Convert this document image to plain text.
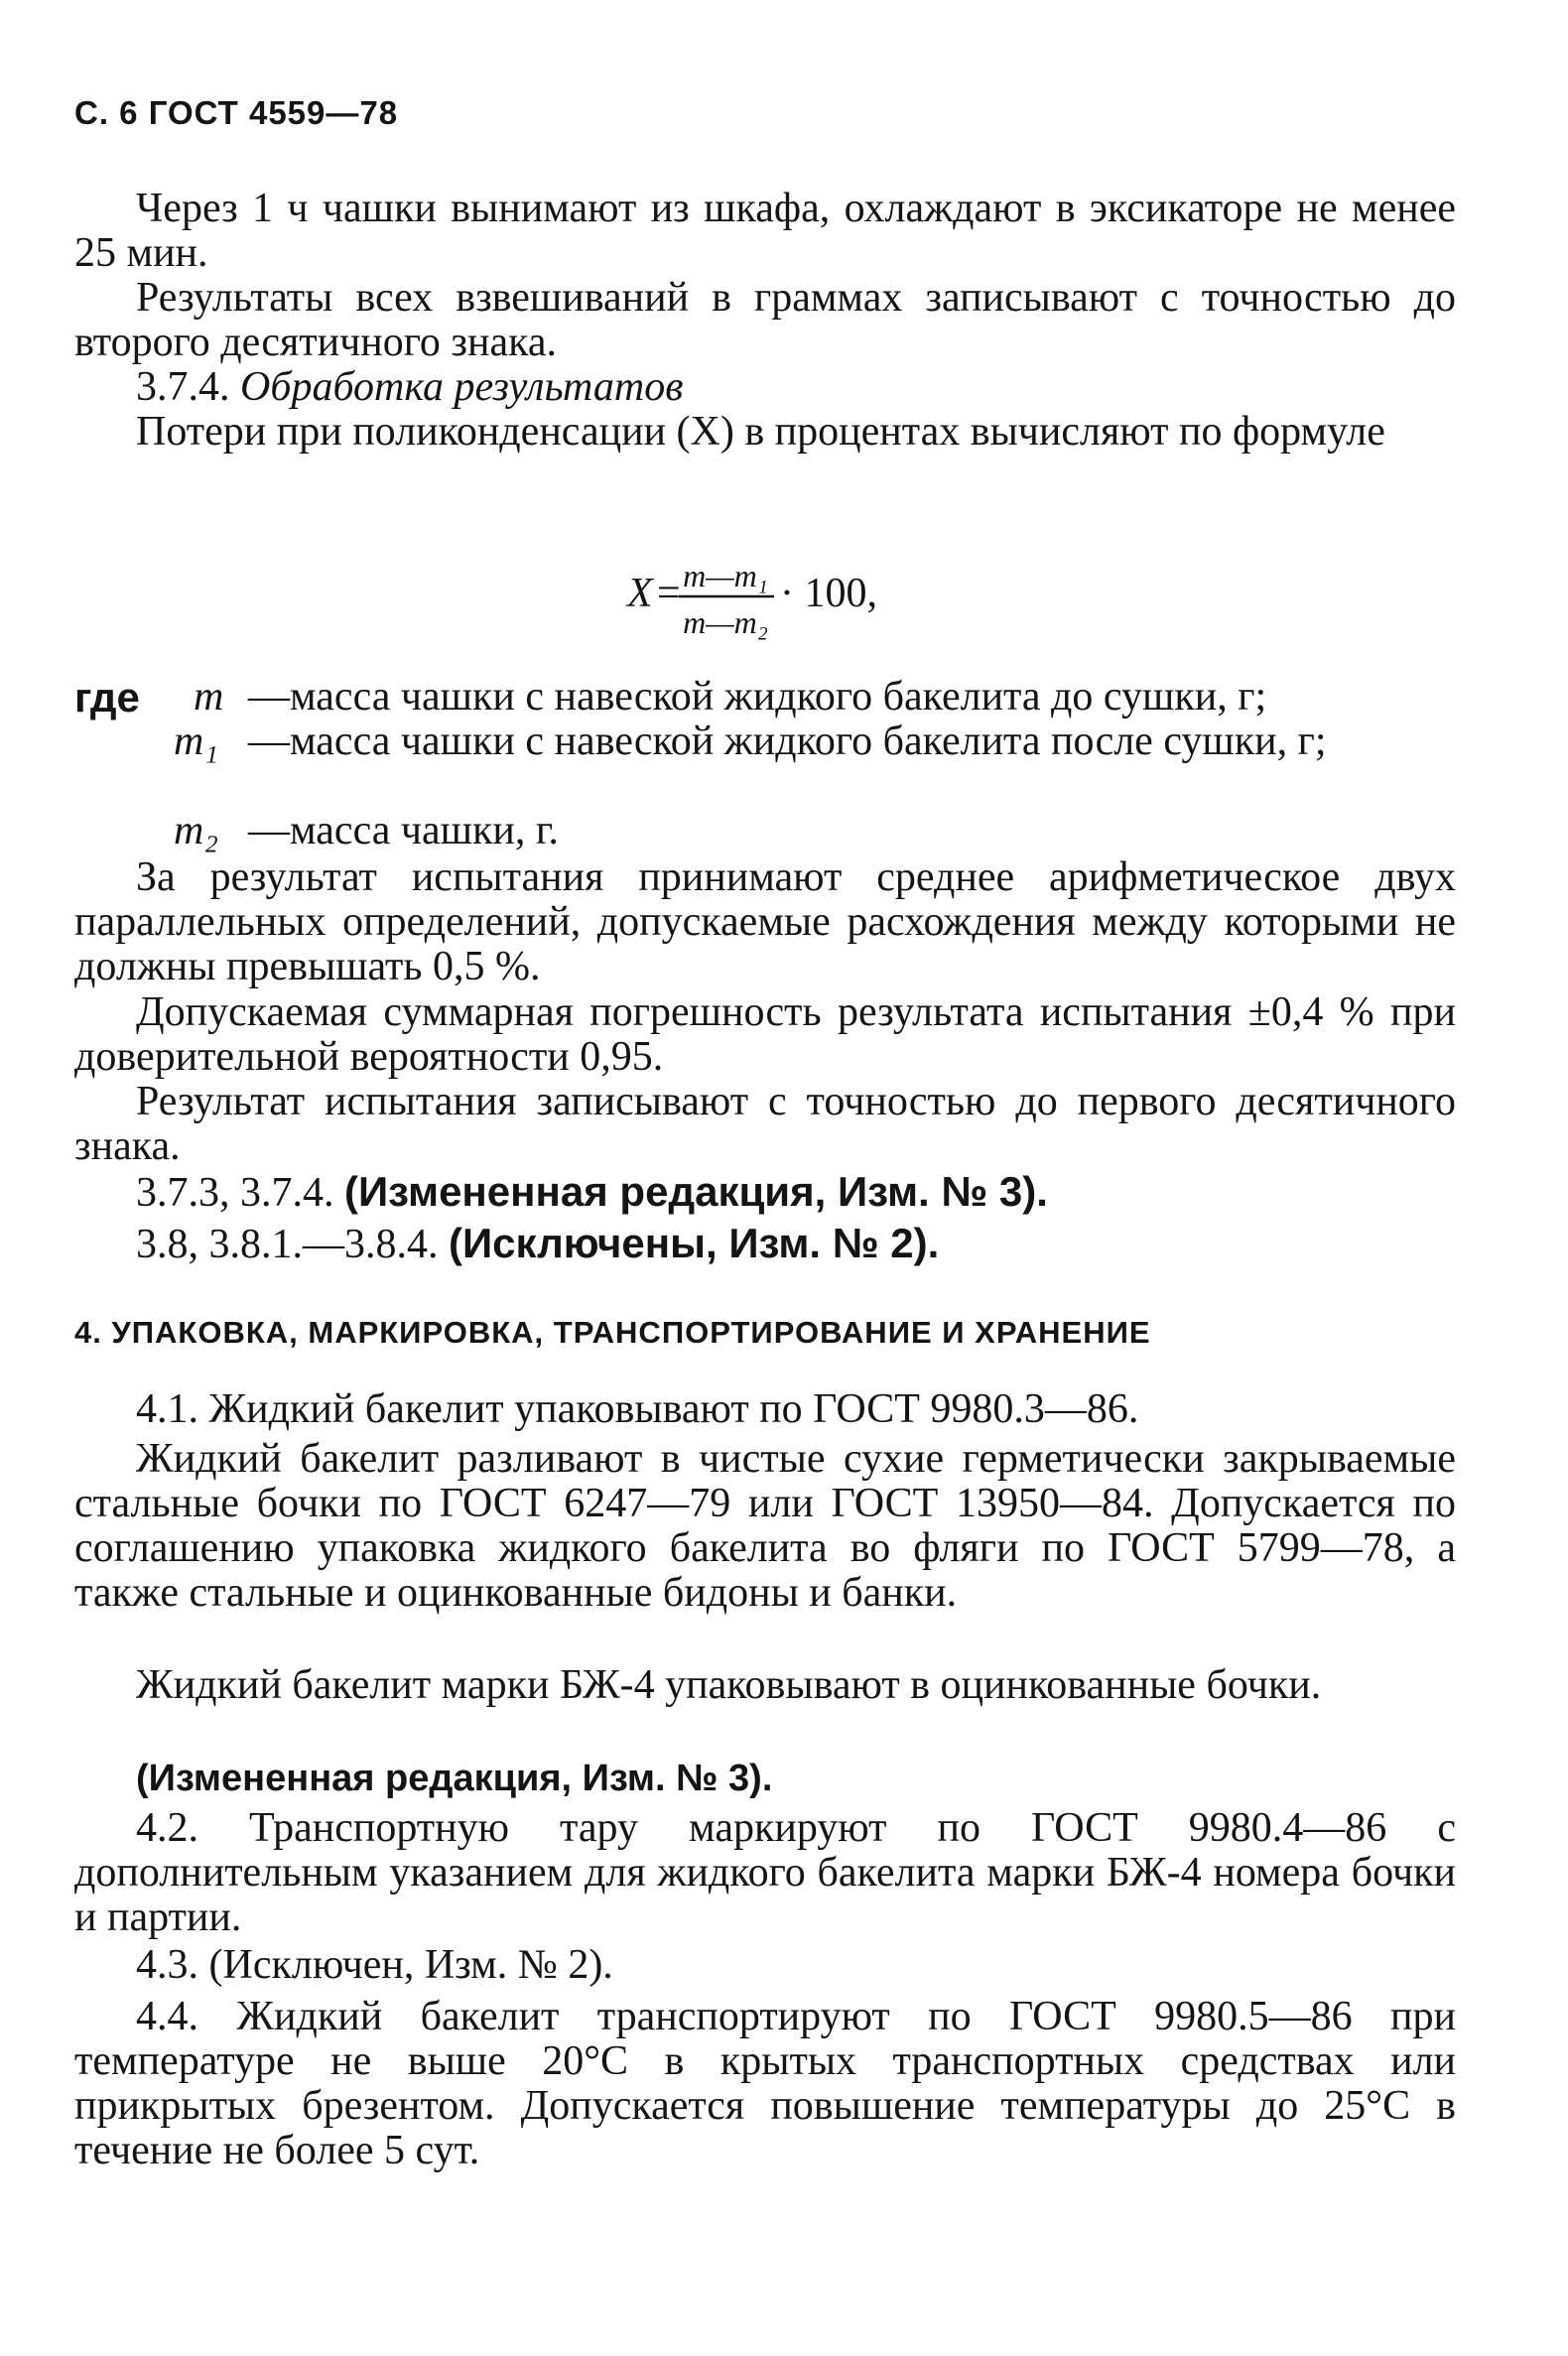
С. 6 ГОСТ 4559—78
Через 1 ч чашки вынимают из шкафа, охлаждают в эксикаторе не менее 25 мин.
Результаты всех взвешиваний в граммах записывают с точностью до второго десятичного знака.
3.7.4. Обработка результатов
Потери при поликонденсации (X) в процентах вычисляют по формуле
X = m—m₁
m—m₂
· 100,
где m — масса чашки с навеской жидкого бакелита до сушки, г;
m₁ — масса чашки с навеской жидкого бакелита после сушки, г;
m₂ — масса чашки, г.
За результат испытания принимают среднее арифметическое двух параллельных определений, допускаемые расхождения между которыми не должны превышать 0,5 %.
Допускаемая суммарная погрешность результата испытания ±0,4 % при доверительной вероятности 0,95.
Результат испытания записывают с точностью до первого десятичного знака.
3.7.3, 3.7.4. (Измененная редакция, Изм. № 3).
3.8, 3.8.1.—3.8.4. (Исключены, Изм. № 2).
4. УПАКОВКА, МАРКИРОВКА, ТРАНСПОРТИРОВАНИЕ И ХРАНЕНИЕ
4.1. Жидкий бакелит упаковывают по ГОСТ 9980.3—86.
Жидкий бакелит разливают в чистые сухие герметически закрываемые стальные бочки по ГОСТ 6247—79 или ГОСТ 13950—84. Допускается по соглашению упаковка жидкого бакелита во фляги по ГОСТ 5799—78, а также стальные и оцинкованные бидоны и банки.
Жидкий бакелит марки БЖ-4 упаковывают в оцинкованные бочки.
(Измененная редакция, Изм. № 3).
4.2. Транспортную тару маркируют по ГОСТ 9980.4—86 с дополнительным указанием для жидкого бакелита марки БЖ-4 номера бочки и партии.
4.3. (Исключен, Изм. № 2).
4.4. Жидкий бакелит транспортируют по ГОСТ 9980.5—86 при температуре не выше 20°С в крытых транспортных средствах или прикрытых брезентом. Допускается повышение температуры до 25°С в течение не более 5 сут.
